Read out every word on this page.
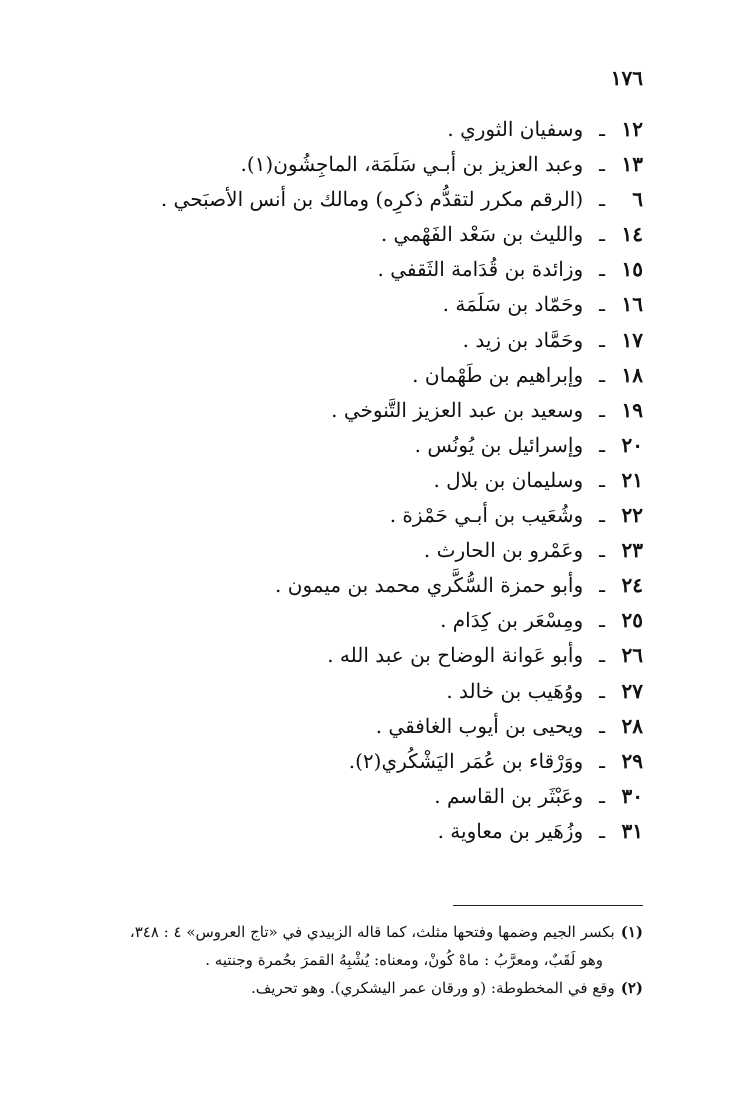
١٧٦
١٢ـوسفيان الثوري .
١٣ـوعبد العزيز بن أبـي سَلَمَة، الماجِشُون(١).
٦ـ(الرقم مكرر لتقدُّم ذكرِه) ومالك بن أنس الأصبَحي .
١٤ـوالليث بن سَعْد الفَهْمي .
١٥ـوزائدة بن قُدَامة الثَقفي .
١٦ـوحَمّاد بن سَلَمَة .
١٧ـوحَمَّاد بن زيد .
١٨ـوإبراهيم بن طَهْمان .
١٩ـوسعيد بن عبد العزيز التَّنوخي .
٢٠ـوإسرائيل بن يُونُس .
٢١ـوسليمان بن بلال .
٢٢ـوشُعَيب بن أبـي حَمْزة .
٢٣ـوعَمْرو بن الحارث .
٢٤ـوأبو حمزة السُّكَّري محمد بن ميمون .
٢٥ـومِسْعَر بن كِدَام .
٢٦ـوأبو عَوانة الوضاح بن عبد الله .
٢٧ـووُهَيب بن خالد .
٢٨ـويحيى بن أيوب الغافقي .
٢٩ـووَرْقاء بن عُمَر اليَشْكُري(٢).
٣٠ـوعَبْثَر بن القاسم .
٣١ـوزُهَير بن معاوية .
(١)بكسر الجيم وضمها وفتحها مثلث، كما قاله الزبيدي في «تاج العروس» ٤ : ٣٤٨،
وهو لَقَبٌ، ومعرَّبُ : ماهْ كُونْ، ومعناه: يُشْبِهُ القمرَ بحُمرة وجنتيه .
(٢)وقع في المخطوطة: (و ورقان عمر اليشكري). وهو تحريف.
